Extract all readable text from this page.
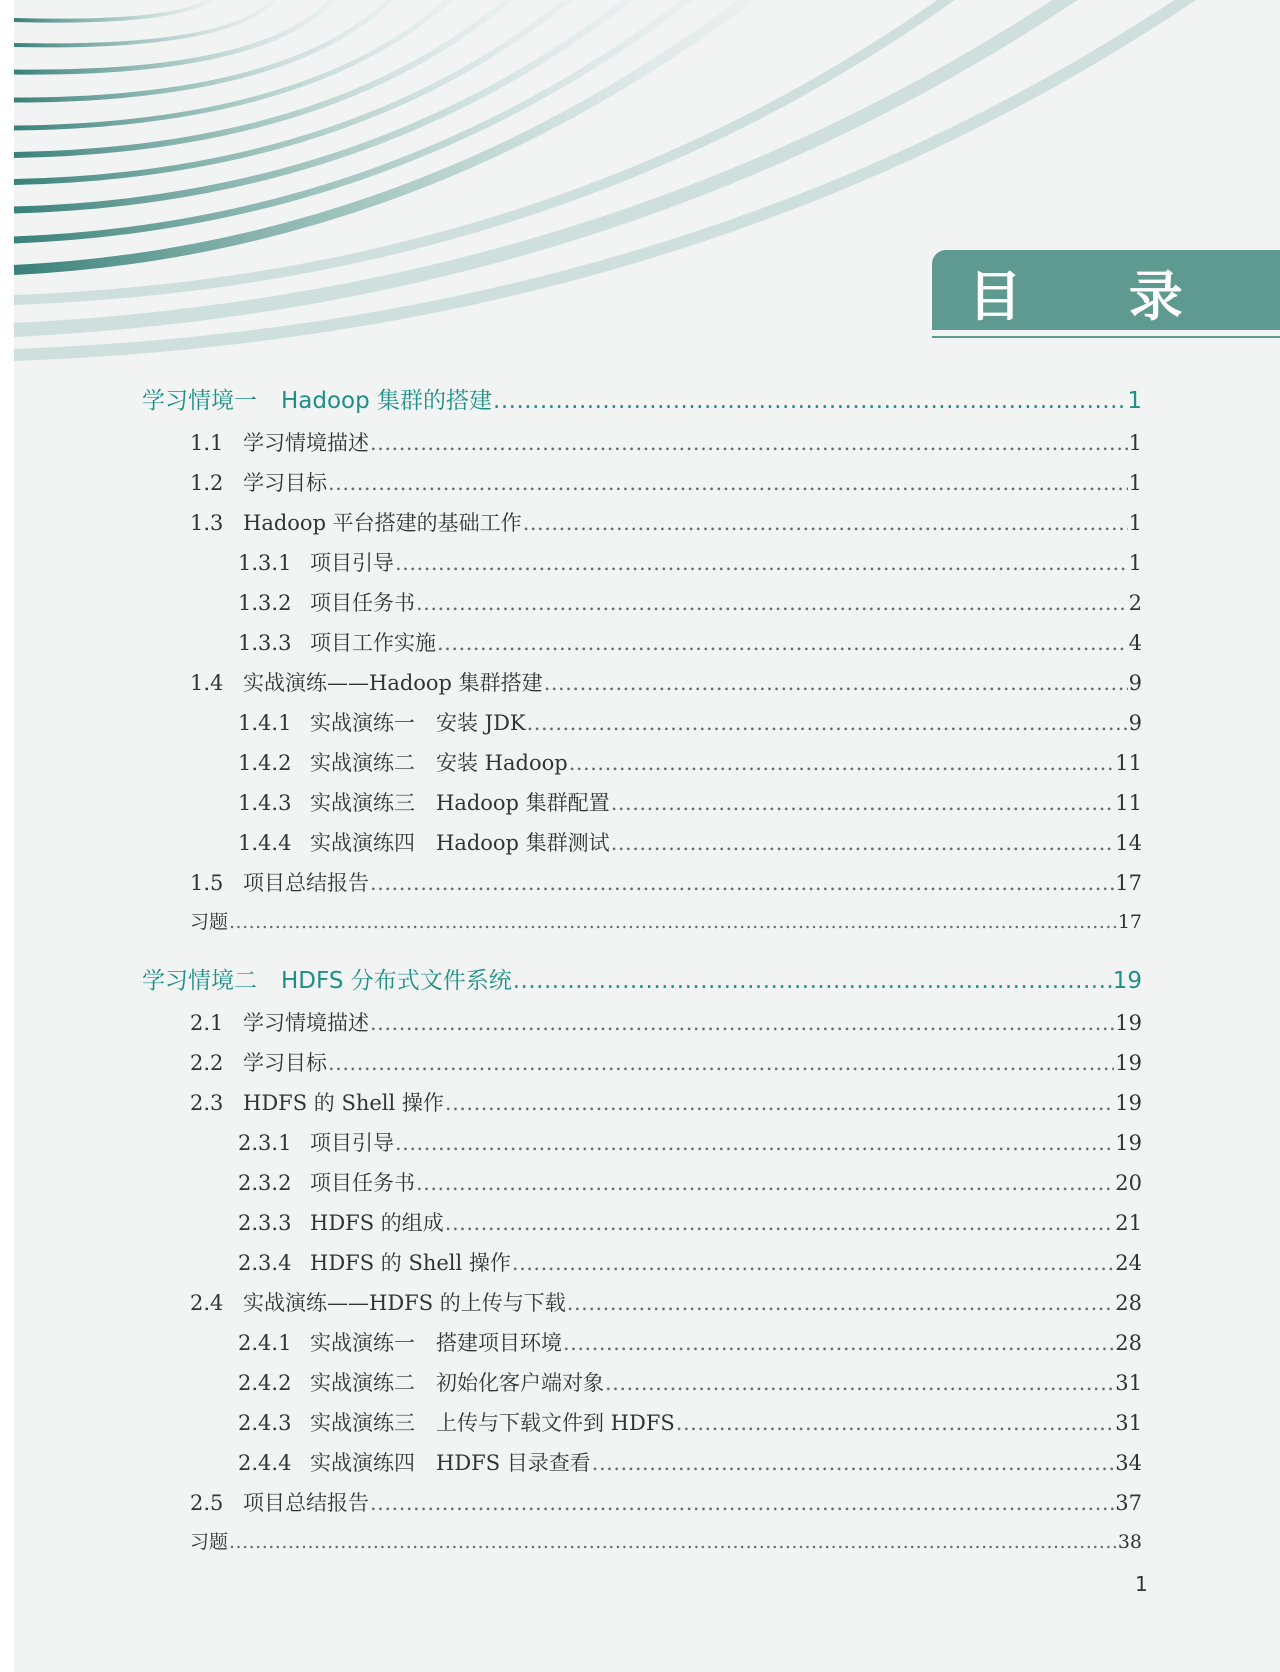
目 录
学习情境一 Hadoop 集群的搭建 .....	1
1.1 学习情境描述 .....	1
1.2 学习目标 .....	1
1.3 Hadoop 平台搭建的基础工作 .....	1
1.3.1 项目引导 .....	1
1.3.2 项目任务书 .....	2
1.3.3 项目工作实施 .....	4
1.4 实战演练——Hadoop 集群搭建 .....	9
1.4.1 实战演练一　安装 JDK .....	9
1.4.2 实战演练二　安装 Hadoop .....	11
1.4.3 实战演练三　Hadoop 集群配置 .....	11
1.4.4 实战演练四　Hadoop 集群测试 .....	14
1.5 项目总结报告 .....	17
习题 .....	17
学习情境二 HDFS 分布式文件系统 .....	19
2.1 学习情境描述 .....	19
2.2 学习目标 .....	19
2.3 HDFS 的 Shell 操作 .....	19
2.3.1 项目引导 .....	19
2.3.2 项目任务书 .....	20
2.3.3 HDFS 的组成 .....	21
2.3.4 HDFS 的 Shell 操作 .....	24
2.4 实战演练——HDFS 的上传与下载 .....	28
2.4.1 实战演练一　搭建项目环境 .....	28
2.4.2 实战演练二　初始化客户端对象 .....	31
2.4.3 实战演练三　上传与下载文件到 HDFS .....	31
2.4.4 实战演练四　HDFS 目录查看 .....	34
2.5 项目总结报告 .....	37
习题 .....	38
1
